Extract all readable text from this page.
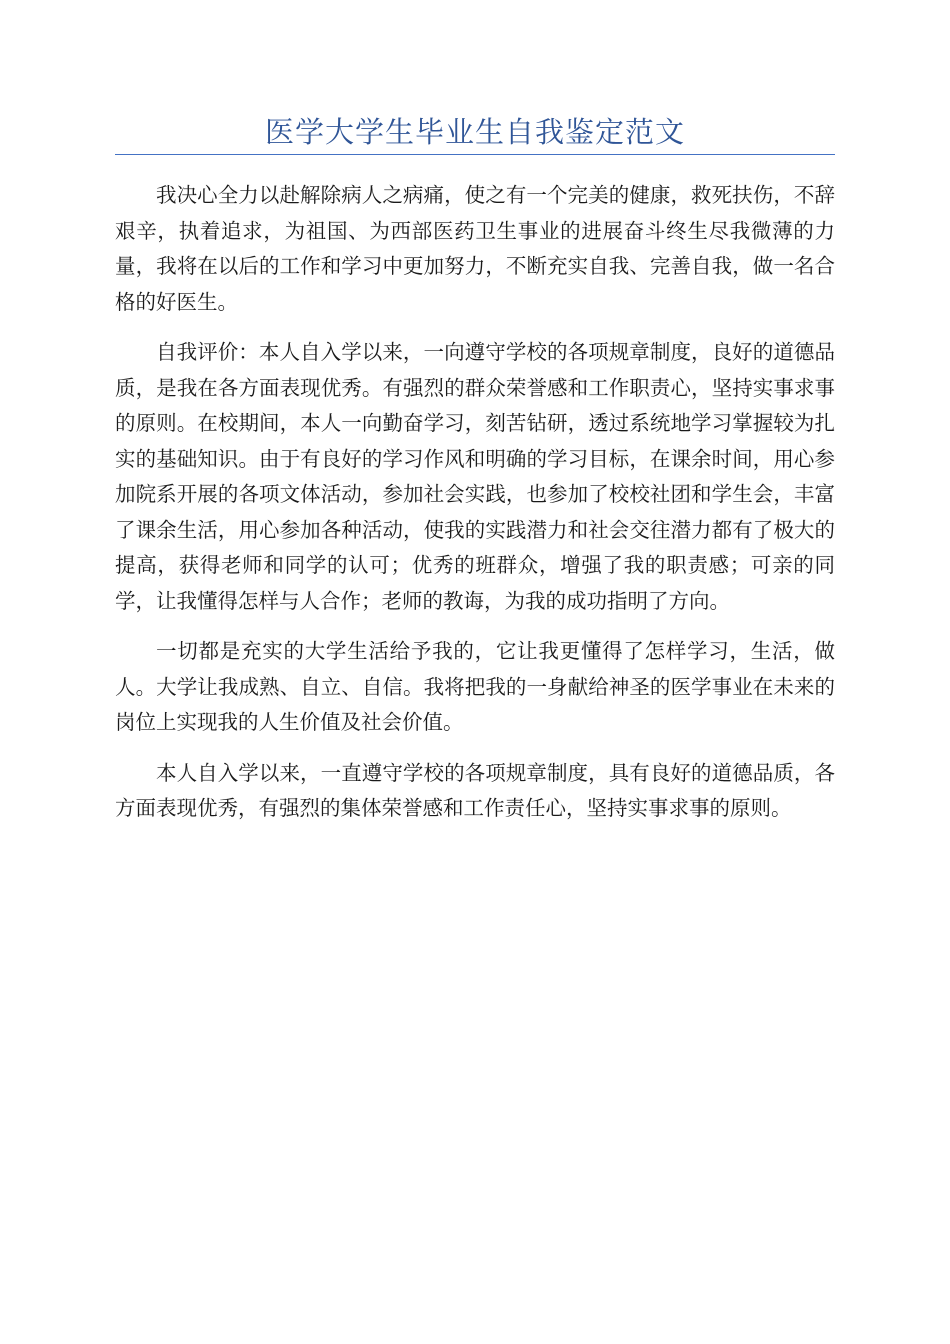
医学大学生毕业生自我鉴定范文

我决心全力以赴解除病人之病痛，使之有一个完美的健康，救死扶伤，不辞艰辛，执着追求，为祖国、为西部医药卫生事业的进展奋斗终生尽我微薄的力量，我将在以后的工作和学习中更加努力，不断充实自我、完善自我，做一名合格的好医生。

自我评价：本人自入学以来，一向遵守学校的各项规章制度，良好的道德品质，是我在各方面表现优秀。有强烈的群众荣誉感和工作职责心，坚持实事求事的原则。在校期间，本人一向勤奋学习，刻苦钻研，透过系统地学习掌握较为扎实的基础知识。由于有良好的学习作风和明确的学习目标，在课余时间，用心参加院系开展的各项文体活动，参加社会实践，也参加了校校社团和学生会，丰富了课余生活，用心参加各种活动，使我的实践潜力和社会交往潜力都有了极大的提高，获得老师和同学的认可；优秀的班群众，增强了我的职责感；可亲的同学，让我懂得怎样与人合作；老师的教诲，为我的成功指明了方向。

一切都是充实的大学生活给予我的，它让我更懂得了怎样学习，生活，做人。大学让我成熟、自立、自信。我将把我的一身献给神圣的医学事业在未来的岗位上实现我的人生价值及社会价值。

本人自入学以来，一直遵守学校的各项规章制度，具有良好的道德品质，各方面表现优秀，有强烈的集体荣誉感和工作责任心，坚持实事求事的原则。
